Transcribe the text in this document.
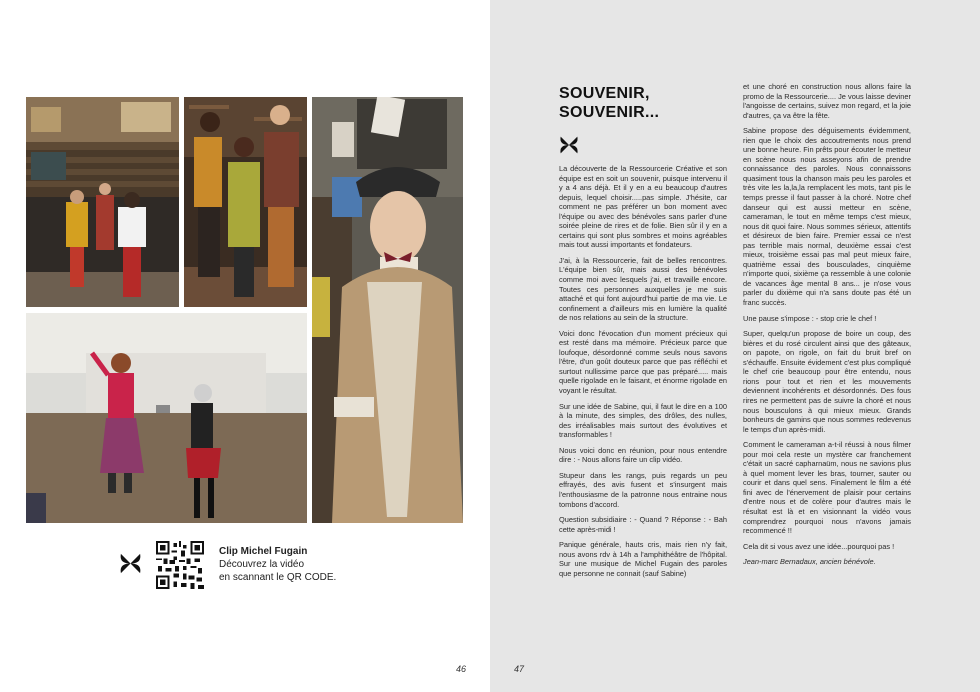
Clip Michel Fugain
Découvrez la vidéo
en scannant le QR CODE.
46
SOUVENIR,
SOUVENIR...

La découverte de la Ressourcerie Créative et son équipe est en soit un souvenir, puisque intervenu il y a 4 ans déjà. Et il y en a eu beaucoup d'autres depuis, lequel choisir.....pas simple. J'hésite, car comment ne pas préférer un bon moment avec l'équipe ou avec des bénévoles sans parler d'une soirée pleine de rires et de folie. Bien sûr il y en a certains qui sont plus sombres et moins agréables mais tout aussi importants et fondateurs.

J'ai, à la Ressourcerie, fait de belles rencontres. L'équipe bien sûr, mais aussi des bénévoles comme moi avec lesquels j'ai, et travaille encore. Toutes ces personnes auxquelles je me suis attaché et qui font aujourd'hui partie de ma vie. Le confinement a d'ailleurs mis en lumière la qualité de nos relations au sein de la structure.

Voici donc l'évocation d'un moment précieux qui est resté dans ma mémoire. Précieux parce que loufoque, désordonné comme seuls nous savons l'être, d'un goût douteux parce que pas réfléchi et surtout nullissime parce que pas préparé..... mais quelle rigolade en le faisant, et énorme rigolade en voyant le résultat.

Sur une idée de Sabine, qui, il faut le dire en a 100 à la minute, des simples, des drôles, des nulles, des irréalisables mais surtout des évolutives et transformables !

Nous voici donc en réunion, pour nous entendre dire : - Nous allons faire un clip vidéo.

Stupeur dans les rangs, puis regards un peu effrayés, des avis fusent et s'insurgent mais l'enthousiasme de la patronne nous entraine nous tombons d'accord.

Question subsidiaire : - Quand ? Réponse : - Bah cette après-midi !

Panique générale, hauts cris, mais rien n'y fait, nous avons rdv à 14h a l'amphithéâtre de l'hôpital. Sur une musique de Michel Fugain des paroles que personne ne connait (sauf Sabine)

et une choré en construction nous allons faire la promo de la Ressourcerie.... Je vous laisse deviner l'angoisse de certains, suivez mon regard, et la joie d'autres, ça va être la fête.

Sabine propose des déguisements évidemment, rien que le choix des accoutrements nous prend une bonne heure. Fin prêts pour écouter le metteur en scène nous nous asseyons afin de prendre connaissance des paroles. Nous connaissons quasiment tous la chanson mais peu les paroles et très vite les la,la,la remplacent les mots, tant pis le temps presse il faut passer à la choré. Notre chef danseur qui est aussi metteur en scène, cameraman, le tout en même temps c'est mieux, nous dit quoi faire. Nous sommes sérieux, attentifs et désireux de bien faire. Premier essai ce n'est pas terrible mais normal, deuxième essai c'est mieux, troisième essai pas mal peut mieux faire, quatrième essai des bousculades, cinquième n'importe quoi, sixième ça ressemble à une colonie de vacances âge mental 8 ans... je n'ose vous parler du dixième qui n'a sans doute pas été un franc succès.

Une pause s'impose : - stop crie le chef !

Super, quelqu'un propose de boire un coup, des bières et du rosé circulent ainsi que des gâteaux, on papote, on rigole, on fait du bruit bref on s'échauffe. Ensuite évidement c'est plus compliqué le chef crie beaucoup pour être entendu, nous rions pour tout et rien et les mouvements deviennent incohérents et désordonnés. Des fous rires ne permettent pas de suivre la choré et nous nous bousculons à qui mieux mieux. Grands bonheurs de gamins que nous sommes redevenus le temps d'un après-midi.

Comment le cameraman a-t-il réussi à nous filmer pour moi cela reste un mystère car franchement c'était un sacré capharnaüm, nous ne savions plus à quel moment lever les bras, tourner, sauter ou courir et dans quel sens. Finalement le film a été fini avec de l'énervement de plaisir pour certains d'entre nous et de colère pour d'autres mais le résultat est là et en visionnant la vidéo vous comprendrez pourquoi nous n'avons jamais recommencé !!

Cela dit si vous avez une idée...pourquoi pas !

Jean-marc Bernadaux, ancien bénévole.

47
